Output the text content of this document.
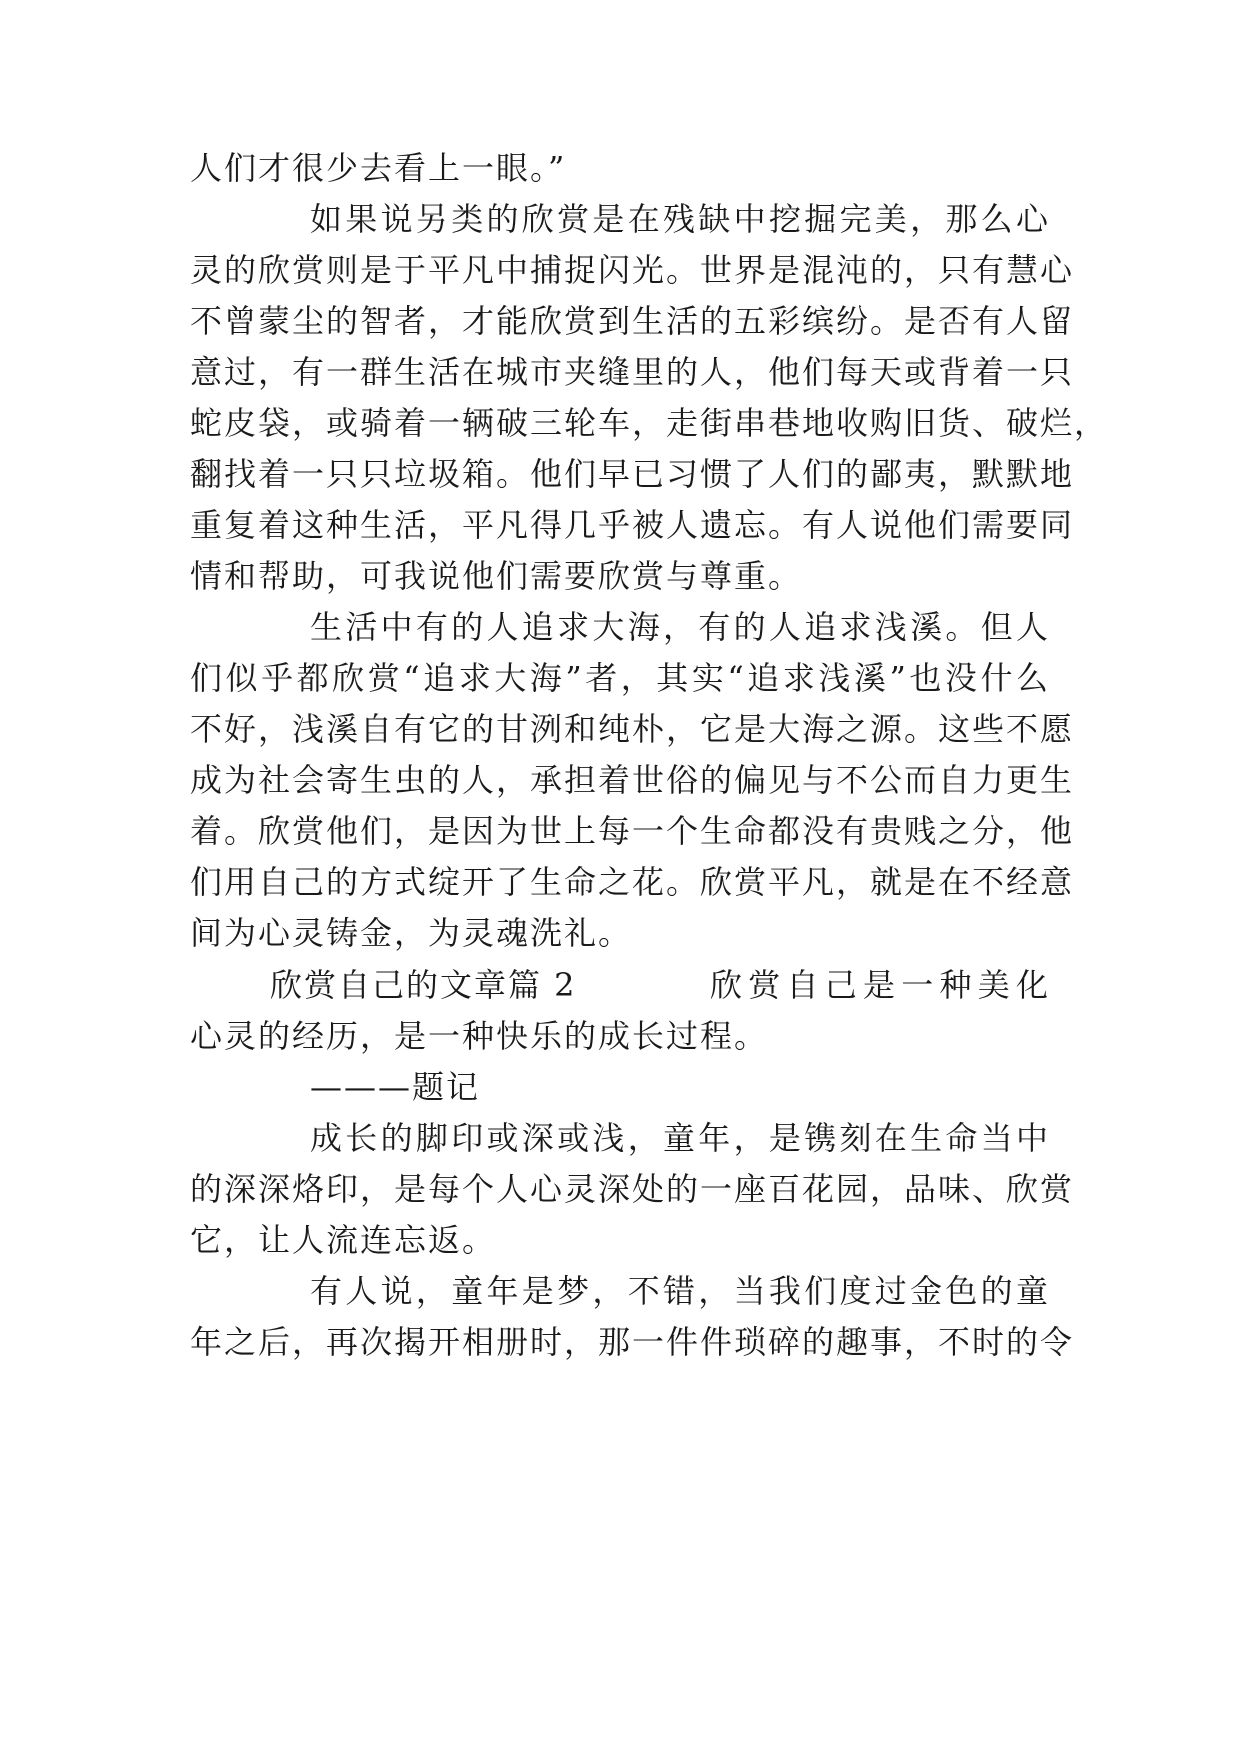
人们才很少去看上一眼。”
如果说另类的欣赏是在残缺中挖掘完美，那么心
灵的欣赏则是于平凡中捕捉闪光。世界是混沌的，只有慧心
不曾蒙尘的智者，才能欣赏到生活的五彩缤纷。是否有人留
意过，有一群生活在城市夹缝里的人，他们每天或背着一只
蛇皮袋，或骑着一辆破三轮车，走街串巷地收购旧货、破烂，
翻找着一只只垃圾箱。他们早已习惯了人们的鄙夷，默默地
重复着这种生活，平凡得几乎被人遗忘。有人说他们需要同
情和帮助，可我说他们需要欣赏与尊重。
生活中有的人追求大海，有的人追求浅溪。但人
们似乎都欣赏“追求大海”者，其实“追求浅溪”也没什么
不好，浅溪自有它的甘洌和纯朴，它是大海之源。这些不愿
成为社会寄生虫的人，承担着世俗的偏见与不公而自力更生
着。欣赏他们，是因为世上每一个生命都没有贵贱之分，他
们用自己的方式绽开了生命之花。欣赏平凡，就是在不经意
间为心灵铸金，为灵魂洗礼。
欣赏自己的文章篇 2	欣赏自己是一种美化
心灵的经历，是一种快乐的成长过程。
———题记
成长的脚印或深或浅，童年，是镌刻在生命当中
的深深烙印，是每个人心灵深处的一座百花园，品味、欣赏
它，让人流连忘返。
有人说，童年是梦，不错，当我们度过金色的童
年之后，再次揭开相册时，那一件件琐碎的趣事，不时的令
